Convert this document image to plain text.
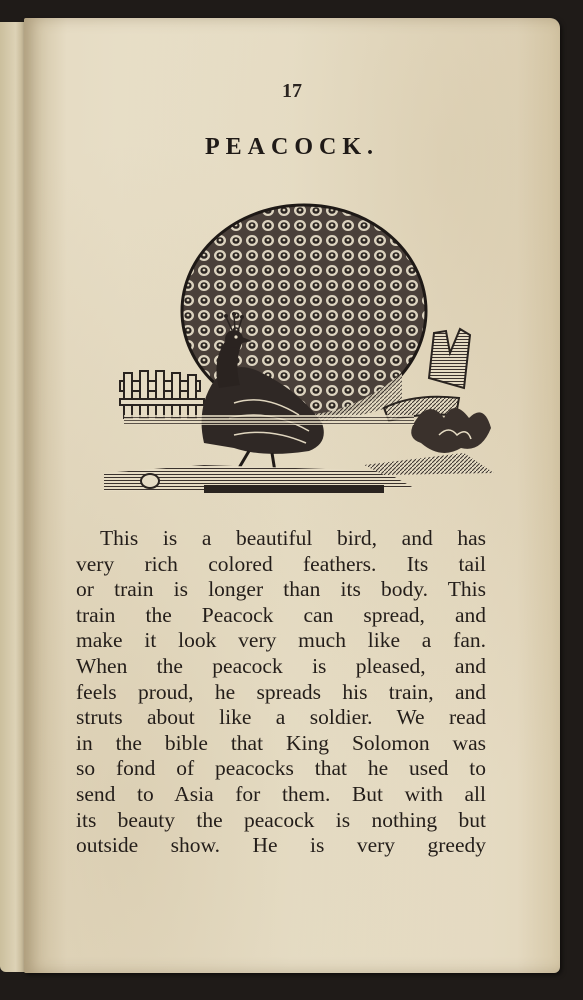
17
PEACOCK.
This is a beautiful bird, and has
very rich colored feathers. Its tail
or train is longer than its body. This
train the Peacock can spread, and
make it look very much like a fan.
When the peacock is pleased, and
feels proud, he spreads his train, and
struts about like a soldier. We read
in the bible that King Solomon was
so fond of peacocks that he used to
send to Asia for them. But with all
its beauty the peacock is nothing but
outside show. He is very greedy
